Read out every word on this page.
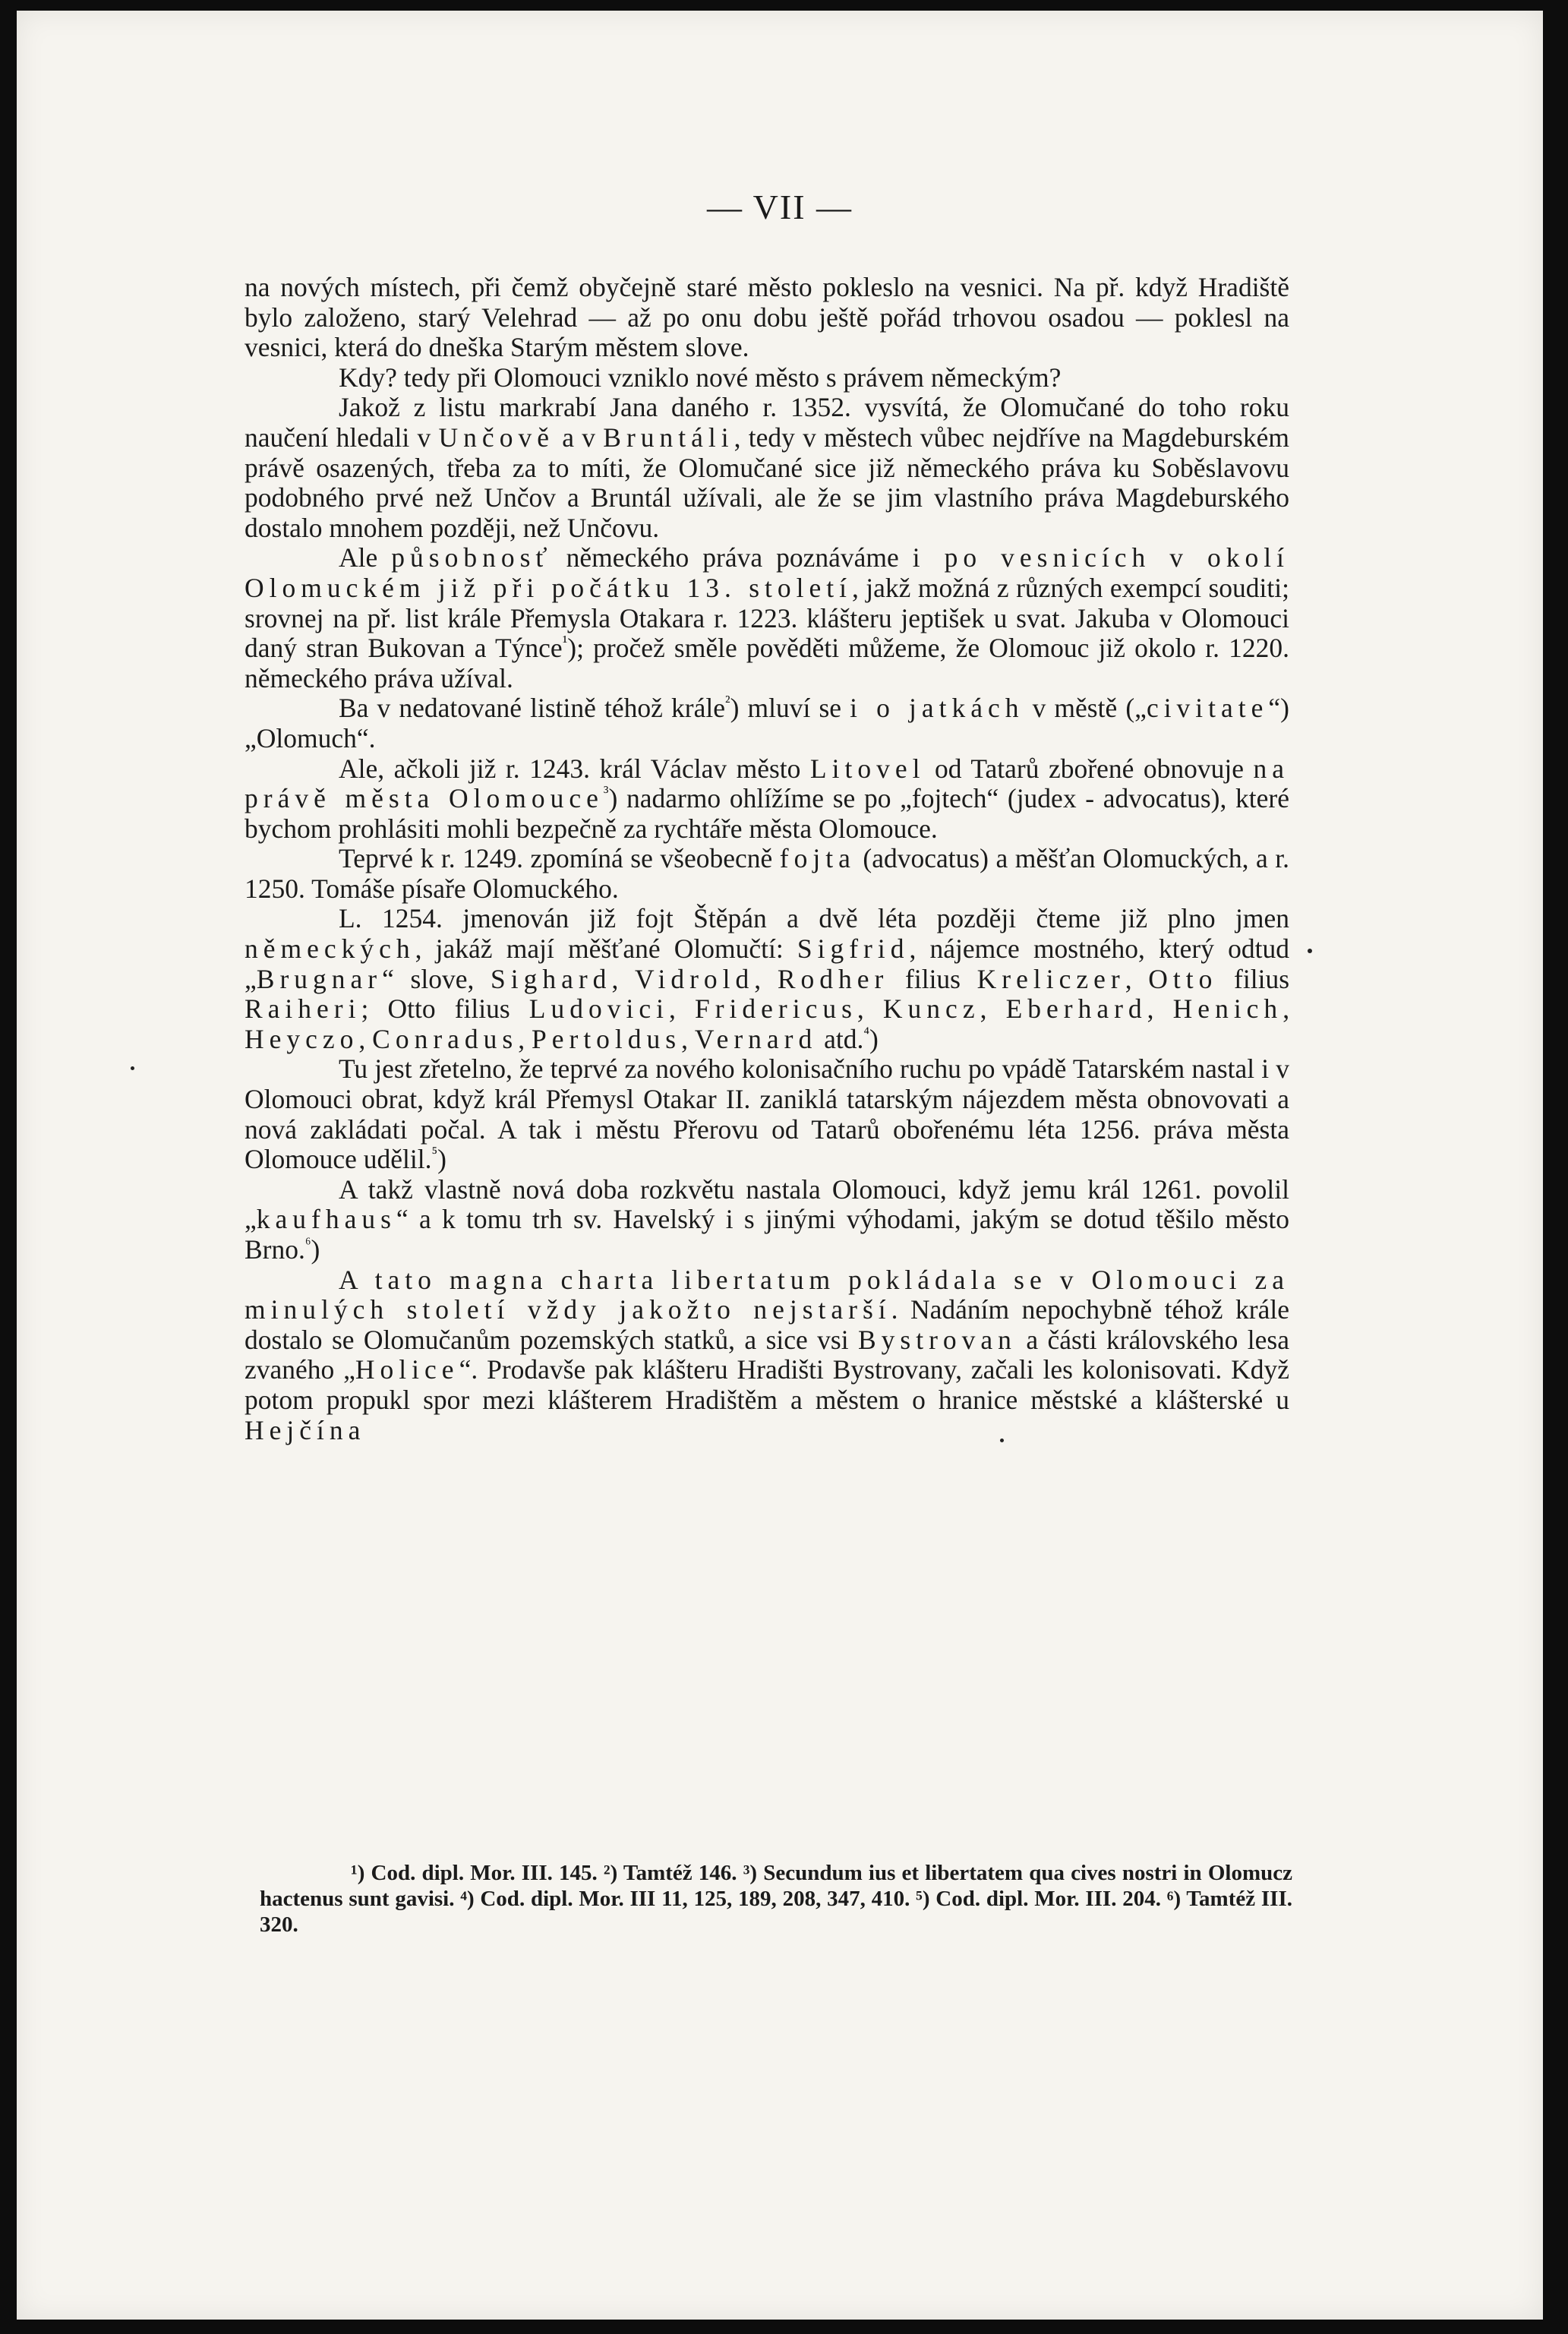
— VII —

na nových místech, při čemž obyčejně staré město pokleslo na vesnici. Na př. když Hradiště bylo založeno, starý Velehrad — až po onu dobu ještě pořád trhovou osadou — poklesl na vesnici, která do dneška Starým městem slove.

Kdy? tedy při Olomouci vzniklo nové město s právem německým?

Jakož z listu markrabí Jana daného r. 1352. vysvítá, že Olomučané do toho roku naučení hledali v Unčově a v Bruntáli, tedy v městech vůbec nejdříve na Magdeburském právě osazených, třeba za to míti, že Olomučané sice již německého práva ku Soběslavovu podobného prvé než Unčov a Bruntál užívali, ale že se jim vlastního práva Magdeburského dostalo mnohem později, než Unčovu.

Ale působnosť německého práva poznáváme i po vesnicích v okolí Olomuckém již při počátku 13. století, jakž možná z různých exempcí souditi; srovnej na př. list krále Přemysla Otakara r. 1223. klášteru jeptišek u svat. Jakuba v Olomouci daný stran Bukovan a Týnce$^{^1}$); pročež směle pověděti můžeme, že Olomouc již okolo r. 1220. německého práva užíval.

Ba v nedatované listině téhož krále$^{^2}$) mluví se i o jatkách v městě („civitate“) „Olomuch“.

Ale, ačkoli již r. 1243. král Václav město Litovel od Tatarů zbořené obnovuje na právě města Olomouce$^{^3}$) nadarmo ohlížíme se po „fojtech“ (judex - advocatus), které bychom prohlásiti mohli bezpečně za rychtáře města Olomouce.

Teprvé k r. 1249. zpomíná se všeobecně fojta (advocatus) a měšťan Olomuckých, a r. 1250. Tomáše písaře Olomuckého.

L. 1254. jmenován již fojt Štěpán a dvě léta později čteme již plno jmen německých, jakáž mají měšťané Olomučtí: Sigfrid, nájemce mostného, který odtud „Brugnar“ slove, Sighard, Vidrold, Rodher filius Kreliczer, Otto filius Raiheri; Otto filius Ludovici, Fridericus, Kuncz, Eberhard, Henich, Heyczo, Conradus, Pertoldus, Vernard atd.$^{^4}$)

Tu jest zřetelno, že teprvé za nového kolonisačního ruchu po vpádě Tatarském nastal i v Olomouci obrat, když král Přemysl Otakar II. zaniklá tatarským nájezdem města obnovovati a nová zakládati počal. A tak i městu Přerovu od Tatarů obořenému léta 1256. práva města Olomouce udělil.$^{^5}$)

A takž vlastně nová doba rozkvětu nastala Olomouci, když jemu král 1261. povolil „kaufhaus“ a k tomu trh sv. Havelský i s jinými výhodami, jakým se dotud těšilo město Brno.$^{^6}$)

A tato magna charta libertatum pokládala se v Olomouci za minulých století vždy jakožto nejstarší. Nadáním nepochybně téhož krále dostalo se Olomučanům pozemských statků, a sice vsi Bystrovan a části královského lesa zvaného „Holice“. Prodavše pak klášteru Hradišti Bystrovany, začali les kolonisovati. Když potom propukl spor mezi klášterem Hradištěm a městem o hranice městské a klášterské u Hejčína

¹) Cod. dipl. Mor. III. 145. ²) Tamtéž 146. ³) Secundum ius et libertatem qua cives nostri in Olomucz hactenus sunt gavisi. ⁴) Cod. dipl. Mor. III 11, 125, 189, 208, 347, 410. ⁵) Cod. dipl. Mor. III. 204. ⁶) Tamtéž III. 320.
